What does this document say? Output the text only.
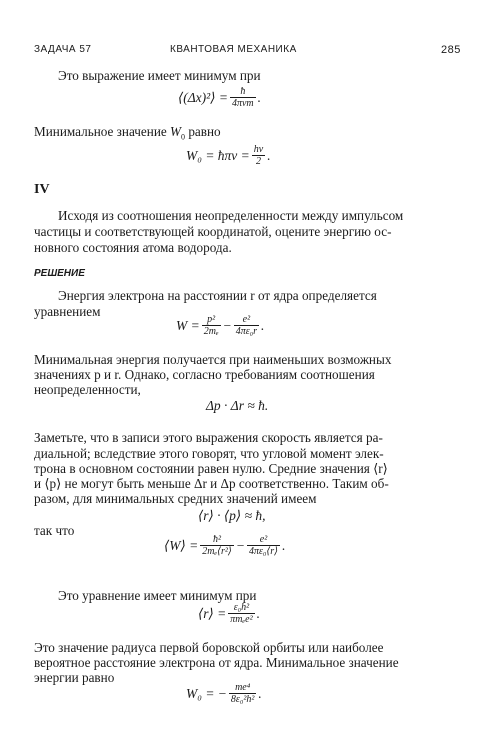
ЗАДАЧА 57	КВАНТОВАЯ МЕХАНИКА	285
Это выражение имеет минимум при
⟨(Δx)²⟩ = $\frac{ħ}{\text{4πνm}}$ .
Минимальное значение $W_0$ равно
W₀ = ħπν = $\frac{h\nu}{2}$ .
IV
Исходя из соотношения неопределенности между импульсом
частицы и соответствующей координатой, оцените энергию ос-
новного состояния атома водорода.
РЕШЕНИЕ
Энергия электрона на расстоянии r от ядра определяется
уравнением
$W = \frac{\text{p²}}{\text{2mₑ}} - \frac{\text{e²}}{\text{4πε₀r}}$ .
Минимальная энергия получается при наименьших возможных
значениях p и r. Однако, согласно требованиям соотношения
неопределенности,
Δp · Δr ≈ ħ.
Заметьте, что в записи этого выражения скорость является ра-
диальной; вследствие этого говорят, что угловой момент элек-
трона в основном состоянии равен нулю. Средние значения ⟨r⟩
и ⟨p⟩ не могут быть меньше Δr и Δp соответственно. Таким об-
разом, для минимальных средних значений имеем
⟨r⟩ · ⟨p⟩ ≈ ħ,
так что
⟨W⟩ = $\frac{\text{ħ²}}{\text{2mₑ⟨r²⟩}} - \frac{\text{e²}}{\text{4πε₀⟨r⟩}}$ .
Это уравнение имеет минимум при
⟨r⟩ = $\frac{\text{ε₀h²}}{\text{πmₑe²}}$ .
Это значение радиуса первой боровской орбиты или наиболее
вероятное расстояние электрона от ядра. Минимальное значение
энергии равно
W₀ = − $\frac{\text{me⁴}}{\text{8ε₀²h²}}$ .
